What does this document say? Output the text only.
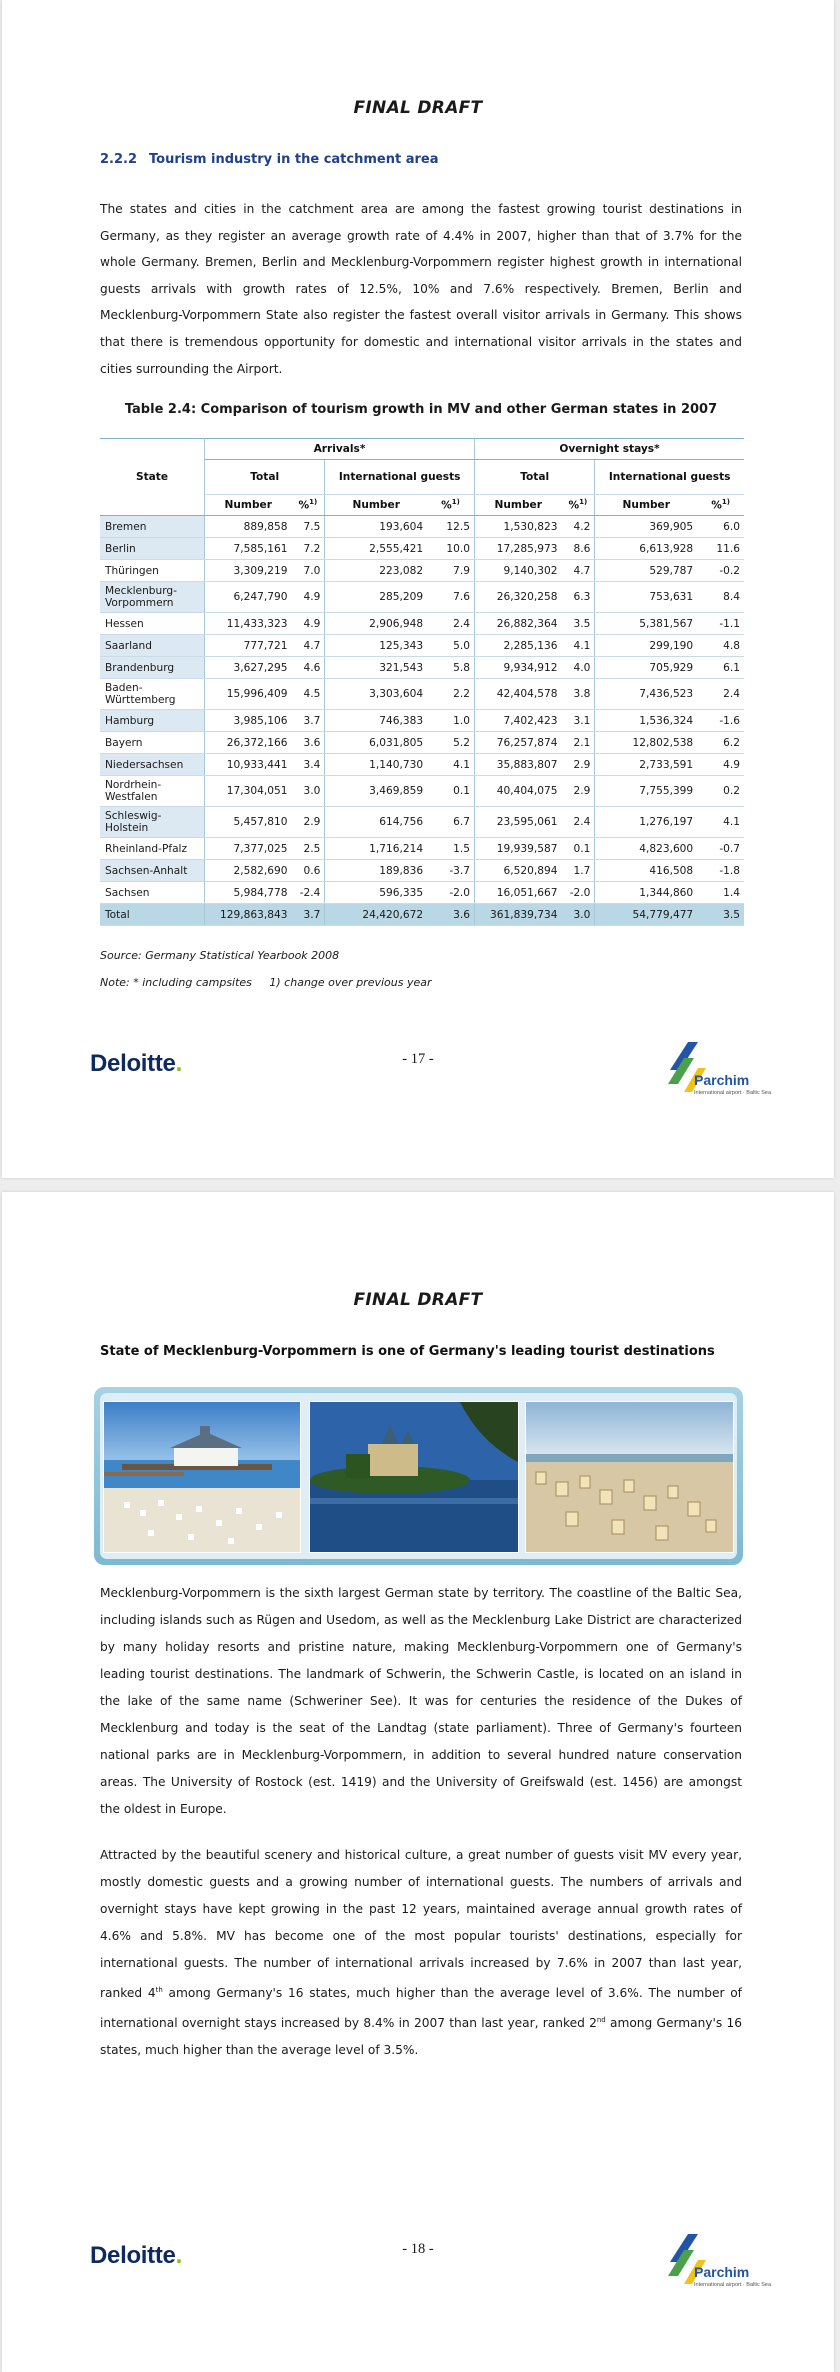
FINAL DRAFT
2.2.2 Tourism industry in the catchment area
The states and cities in the catchment area are among the fastest growing tourist destinations in Germany, as they register an average growth rate of 4.4% in 2007, higher than that of 3.7% for the whole Germany. Bremen, Berlin and Mecklenburg-Vorpommern register highest growth in international guests arrivals with growth rates of 12.5%, 10% and 7.6% respectively. Bremen, Berlin and Mecklenburg-Vorpommern State also register the fastest overall visitor arrivals in Germany. This shows that there is tremendous opportunity for domestic and international visitor arrivals in the states and cities surrounding the Airport.
Table 2.4: Comparison of tourism growth in MV and other German states in 2007
State	Arrivals*				Overnight stays*			
	Total		International guests		Total		International guests	
	Number	%$^{1)}$	Number	%$^{1)}$	Number	%$^{1)}$	Number	%$^{1)}$
Bremen	889,858	7.5	193,604	12.5	1,530,823	4.2	369,905	6.0
Berlin	7,585,161	7.2	2,555,421	10.0	17,285,973	8.6	6,613,928	11.6
Thüringen	3,309,219	7.0	223,082	7.9	9,140,302	4.7	529,787	-0.2
Mecklenburg-Vorpommern	6,247,790	4.9	285,209	7.6	26,320,258	6.3	753,631	8.4
Hessen	11,433,323	4.9	2,906,948	2.4	26,882,364	3.5	5,381,567	-1.1
Saarland	777,721	4.7	125,343	5.0	2,285,136	4.1	299,190	4.8
Brandenburg	3,627,295	4.6	321,543	5.8	9,934,912	4.0	705,929	6.1
Baden-Württemberg	15,996,409	4.5	3,303,604	2.2	42,404,578	3.8	7,436,523	2.4
Hamburg	3,985,106	3.7	746,383	1.0	7,402,423	3.1	1,536,324	-1.6
Bayern	26,372,166	3.6	6,031,805	5.2	76,257,874	2.1	12,802,538	6.2
Niedersachsen	10,933,441	3.4	1,140,730	4.1	35,883,807	2.9	2,733,591	4.9
Nordrhein-Westfalen	17,304,051	3.0	3,469,859	0.1	40,404,075	2.9	7,755,399	0.2
Schleswig-Holstein	5,457,810	2.9	614,756	6.7	23,595,061	2.4	1,276,197	4.1
Rheinland-Pfalz	7,377,025	2.5	1,716,214	1.5	19,939,587	0.1	4,823,600	-0.7
Sachsen-Anhalt	2,582,690	0.6	189,836	-3.7	6,520,894	1.7	416,508	-1.8
Sachsen	5,984,778	-2.4	596,335	-2.0	16,051,667	-2.0	1,344,860	1.4
Total	129,863,843	3.7	24,420,672	3.6	361,839,734	3.0	54,779,477	3.5
Source: Germany Statistical Yearbook 2008
Note: * including campsites     1) change over previous year
Deloitte.	- 17 -
Parchim
International airport · Baltic Sea
FINAL DRAFT
State of Mecklenburg-Vorpommern is one of Germany's leading tourist destinations
Mecklenburg-Vorpommern is the sixth largest German state by territory. The coastline of the Baltic Sea, including islands such as Rügen and Usedom, as well as the Mecklenburg Lake District are characterized by many holiday resorts and pristine nature, making Mecklenburg-Vorpommern one of Germany's leading tourist destinations. The landmark of Schwerin, the Schwerin Castle, is located on an island in the lake of the same name (Schweriner See). It was for centuries the residence of the Dukes of Mecklenburg and today is the seat of the Landtag (state parliament). Three of Germany's fourteen national parks are in Mecklenburg-Vorpommern, in addition to several hundred nature conservation areas. The University of Rostock (est. 1419) and the University of Greifswald (est. 1456) are amongst the oldest in Europe.
Attracted by the beautiful scenery and historical culture, a great number of guests visit MV every year, mostly domestic guests and a growing number of international guests. The numbers of arrivals and overnight stays have kept growing in the past 12 years, maintained average annual growth rates of 4.6% and 5.8%. MV has become one of the most popular tourists' destinations, especially for international guests. The number of international arrivals increased by 7.6% in 2007 than last year, ranked 4th among Germany's 16 states, much higher than the average level of 3.6%. The number of international overnight stays increased by 8.4% in 2007 than last year, ranked 2nd among Germany's 16 states, much higher than the average level of 3.5%.
Deloitte.	- 18 -
Parchim
International airport · Baltic Sea
